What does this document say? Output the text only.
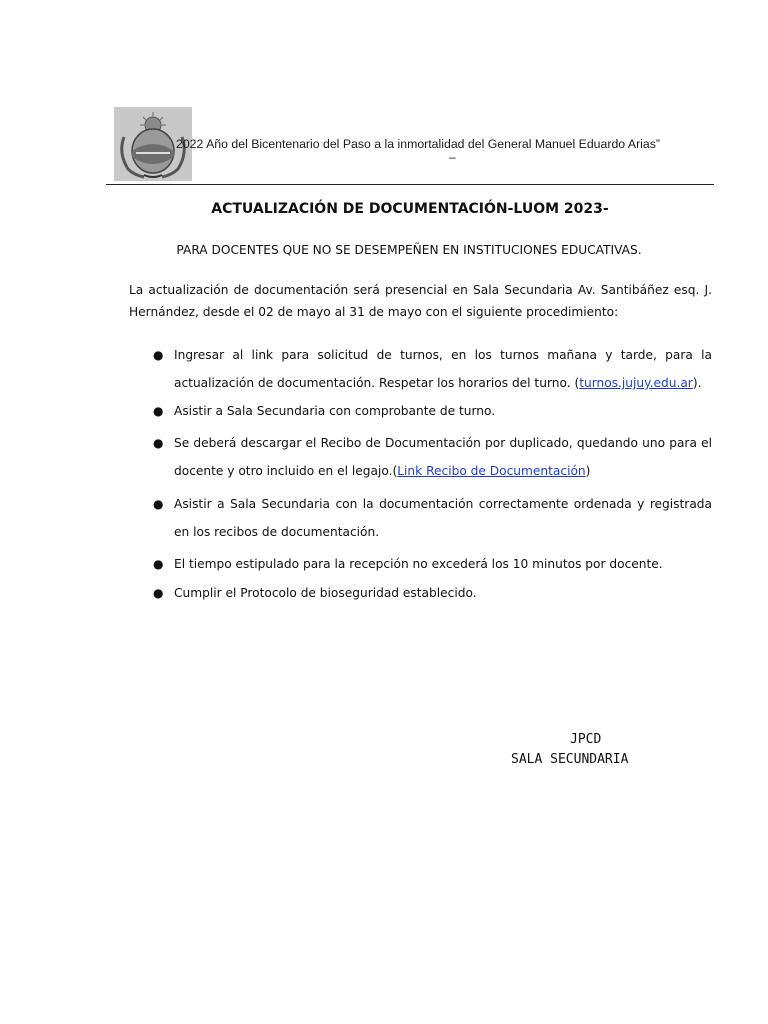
2022 Año del Bicentenario del Paso a la inmortalidad del General Manuel Eduardo Arias”
–
ACTUALIZACIÓN DE DOCUMENTACIÓN-LUOM 2023-
PARA DOCENTES QUE NO SE DESEMPEÑEN EN INSTITUCIONES EDUCATIVAS.
La actualización de documentación será presencial en Sala Secundaria Av. Santibáñez esq. J. Hernández, desde el 02 de mayo al 31 de mayo con el siguiente procedimiento:
● Ingresar al link para solicitud de turnos, en los turnos mañana y tarde, para la actualización de documentación. Respetar los horarios del turno. (turnos.jujuy.edu.ar).
● Asistir a Sala Secundaria con comprobante de turno.
● Se deberá descargar el Recibo de Documentación por duplicado, quedando uno para el docente y otro incluido en el legajo.(Link Recibo de Documentación)
● Asistir a Sala Secundaria con la documentación correctamente ordenada y registrada en los recibos de documentación.
● El tiempo estipulado para la recepción no excederá los 10 minutos por docente.
● Cumplir el Protocolo de bioseguridad establecido.
JPCD
SALA SECUNDARIA
